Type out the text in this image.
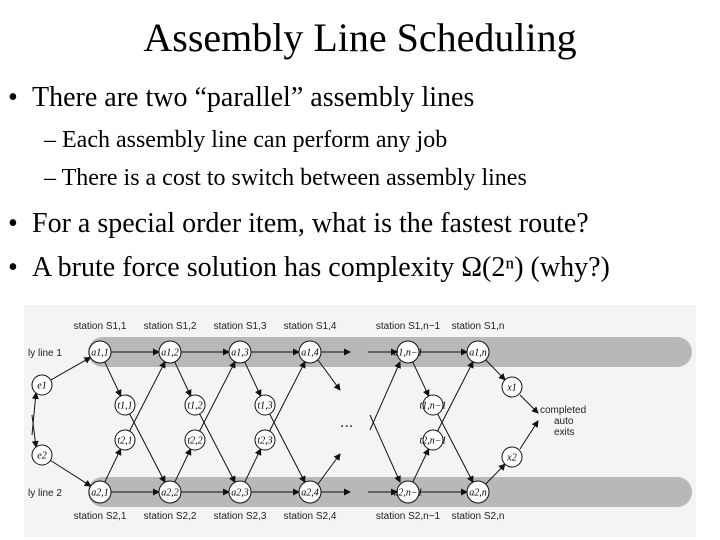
Assembly Line Scheduling
• There are two “parallel” assembly lines
– Each assembly line can perform any job
– There is a cost to switch between assembly lines
• For a special order item, what is the fastest route?
• A brute force solution has complexity Ω(2ⁿ) (why?)
ly line 1
ly line 2
a1,1	a1,2	a1,3	a1,4	a1,n−1	a1,n
a2,1	a2,2	a2,3	a2,4	a2,n−1	a2,n
t1,1	t1,2	t1,3	t1,n−1
t2,1	t2,2	t2,3	t2,n−1
e1
e2
x1
x2
...
completed
auto
exits
station S1,1 station S1,2 station S1,3 station S1,4	station S1,n−1 station S1,n
station S2,1 station S2,2 station S2,3 station S2,4	station S2,n−1 station S2,n
